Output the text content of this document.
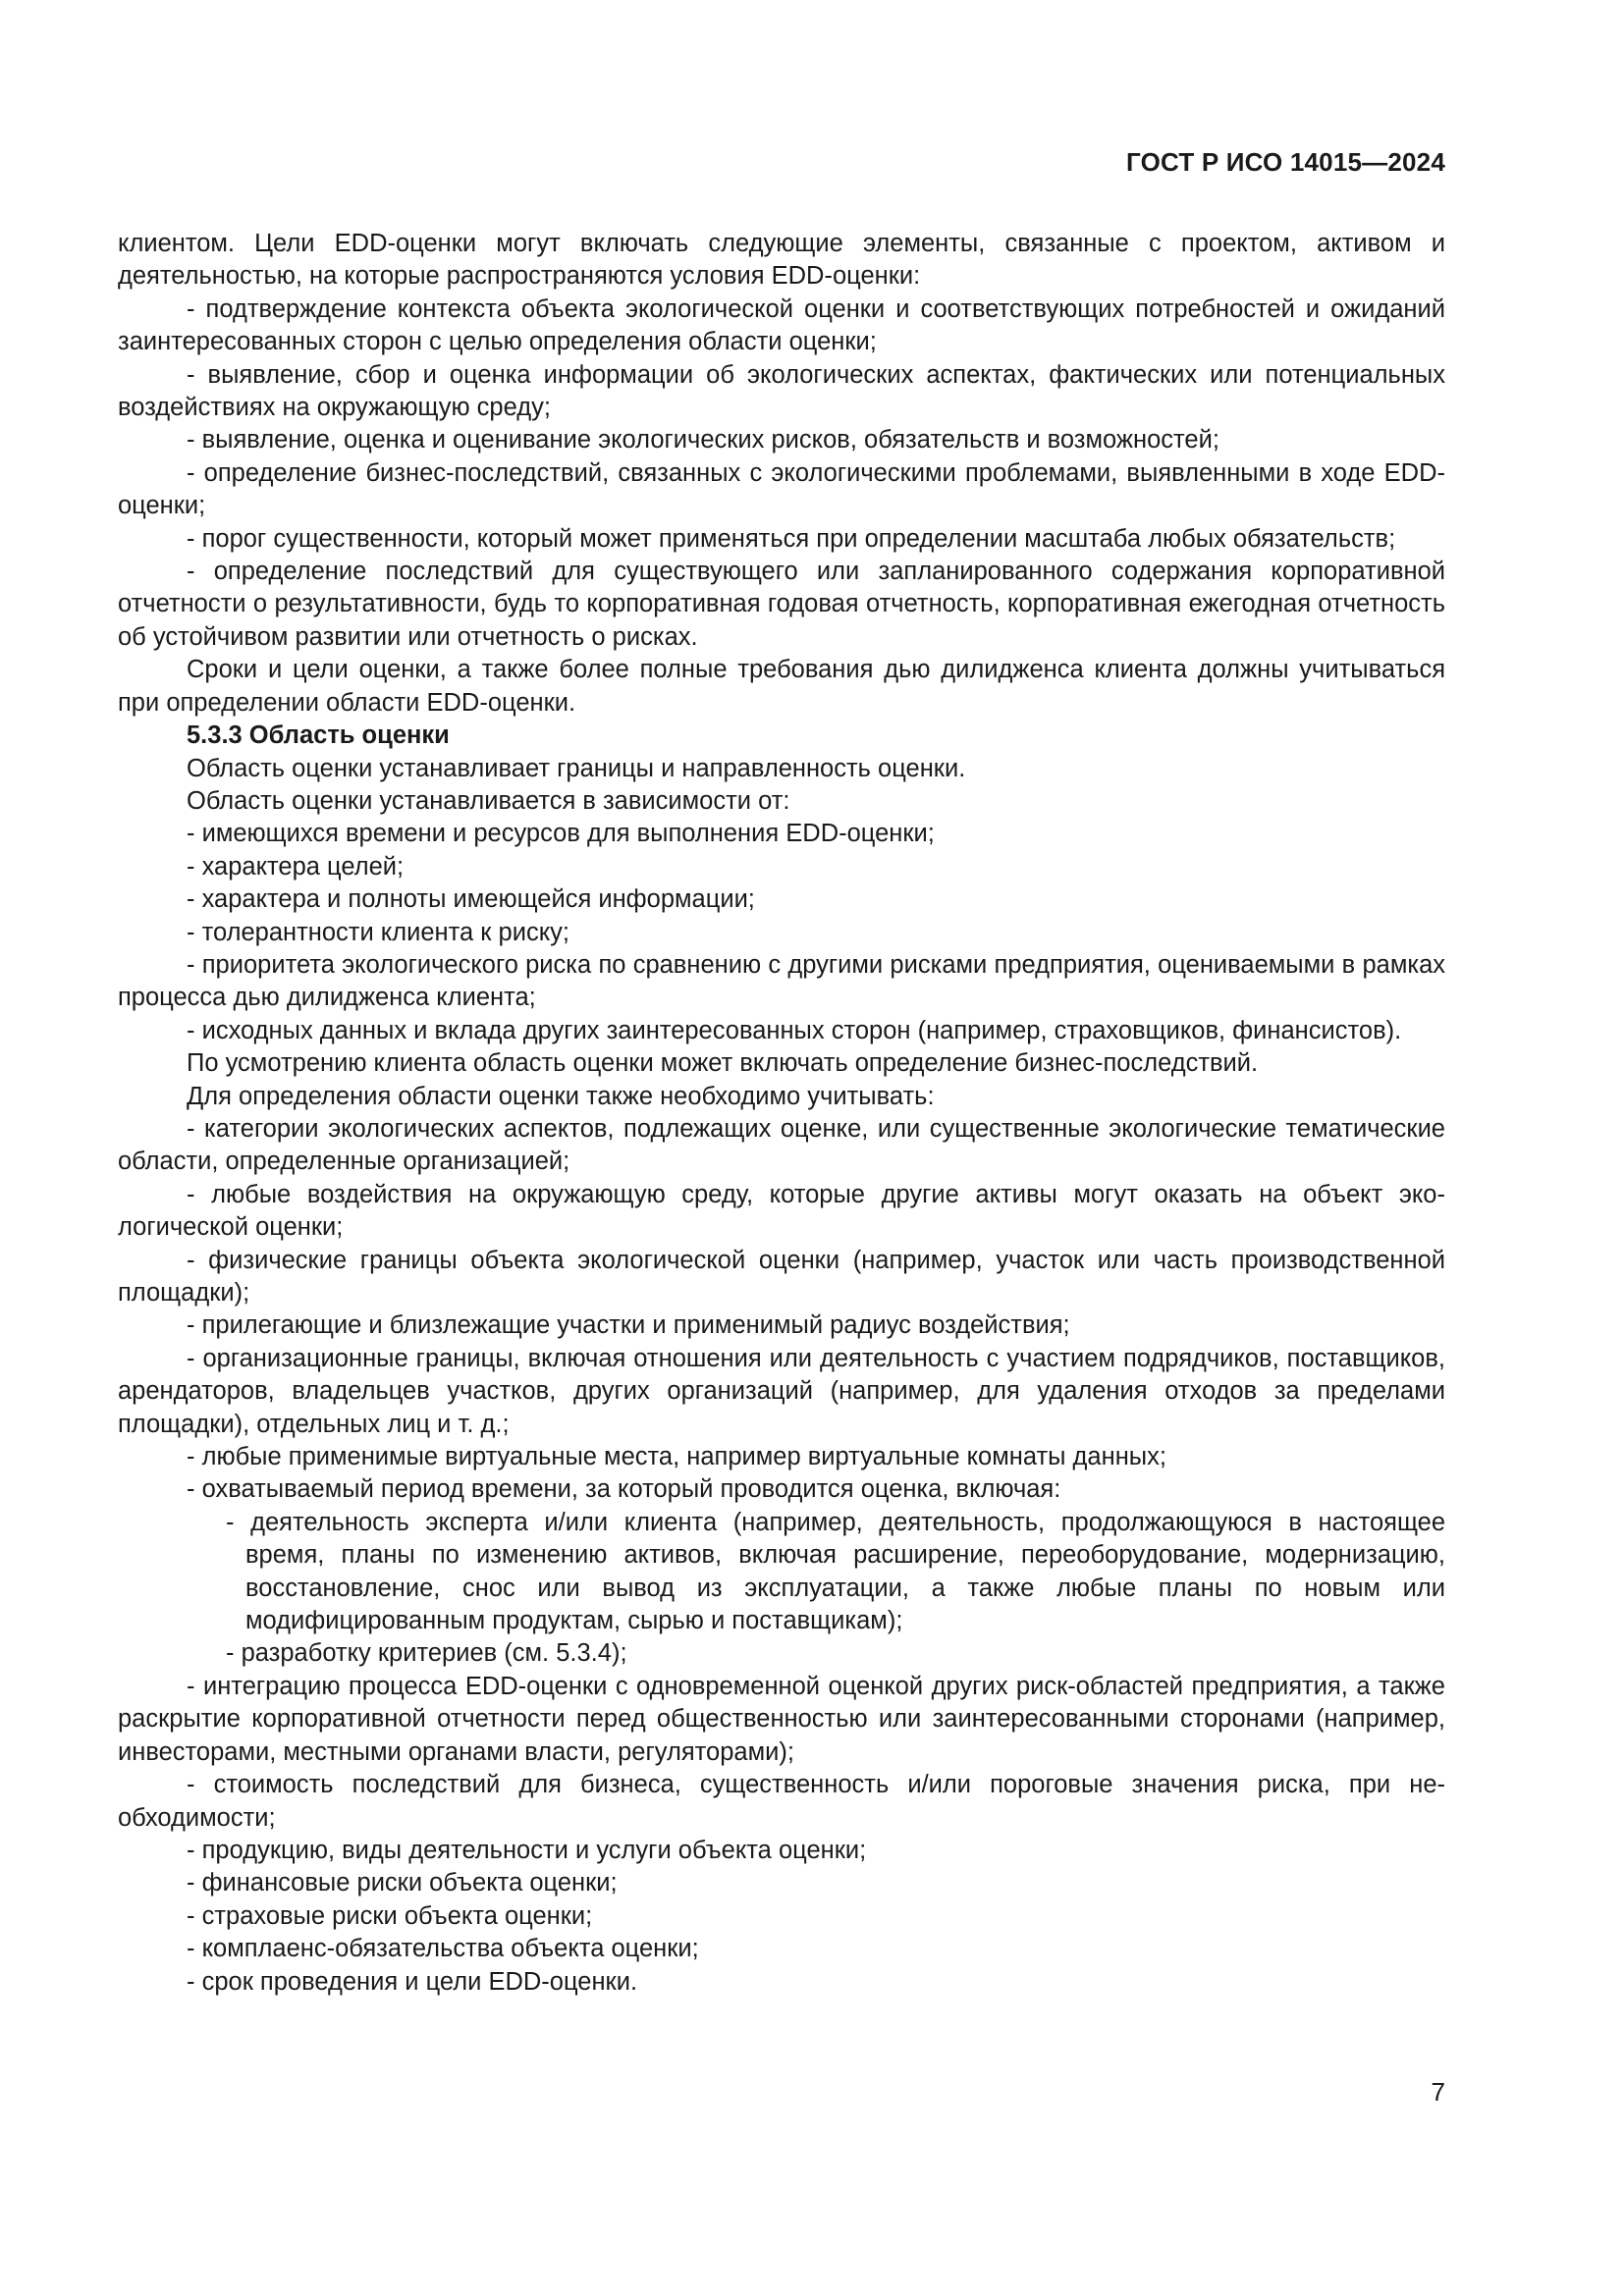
ГОСТ Р ИСО 14015—2024

клиентом. Цели EDD-оценки могут включать следующие элементы, связанные с проектом, активом и деятельностью, на которые распространяются условия EDD-оценки:

- подтверждение контекста объекта экологической оценки и соответствующих потребностей и ожиданий заинтересованных сторон с целью определения области оценки;

- выявление, сбор и оценка информации об экологических аспектах, фактических или потенциальных воздействиях на окружающую среду;

- выявление, оценка и оценивание экологических рисков, обязательств и возможностей;

- определение бизнес-последствий, связанных с экологическими проблемами, выявленными в ходе EDD-оценки;

- порог существенности, который может применяться при определении масштаба любых обязательств;

- определение последствий для существующего или запланированного содержания корпоративной отчетности о результативности, будь то корпоративная годовая отчетность, корпоративная ежегодная отчетность об устойчивом развитии или отчетность о рисках.

Сроки и цели оценки, а также более полные требования дью дилидженса клиента должны учитываться при определении области EDD-оценки.

5.3.3 Область оценки

Область оценки устанавливает границы и направленность оценки.

Область оценки устанавливается в зависимости от:

- имеющихся времени и ресурсов для выполнения EDD-оценки;

- характера целей;

- характера и полноты имеющейся информации;

- толерантности клиента к риску;

- приоритета экологического риска по сравнению с другими рисками предприятия, оцениваемыми в рамках процесса дью дилидженса клиента;

- исходных данных и вклада других заинтересованных сторон (например, страховщиков, финансистов).

По усмотрению клиента область оценки может включать определение бизнес-последствий.

Для определения области оценки также необходимо учитывать:

- категории экологических аспектов, подлежащих оценке, или существенные экологические тематические области, определенные организацией;

- любые воздействия на окружающую среду, которые другие активы могут оказать на объект экологической оценки;

- физические границы объекта экологической оценки (например, участок или часть производственной площадки);

- прилегающие и близлежащие участки и применимый радиус воздействия;

- организационные границы, включая отношения или деятельность с участием подрядчиков, поставщиков, арендаторов, владельцев участков, других организаций (например, для удаления отходов за пределами площадки), отдельных лиц и т. д.;

- любые применимые виртуальные места, например виртуальные комнаты данных;

- охватываемый период времени, за который проводится оценка, включая:

- деятельность эксперта и/или клиента (например, деятельность, продолжающуюся в настоящее время, планы по изменению активов, включая расширение, переоборудование, модернизацию, восстановление, снос или вывод из эксплуатации, а также любые планы по новым или модифицированным продуктам, сырью и поставщикам);

- разработку критериев (см. 5.3.4);

- интеграцию процесса EDD-оценки с одновременной оценкой других риск-областей предприятия, а также раскрытие корпоративной отчетности перед общественностью или заинтересованными сторонами (например, инвесторами, местными органами власти, регуляторами);

- стоимость последствий для бизнеса, существенность и/или пороговые значения риска, при необходимости;

- продукцию, виды деятельности и услуги объекта оценки;

- финансовые риски объекта оценки;

- страховые риски объекта оценки;

- комплаенс-обязательства объекта оценки;

- срок проведения и цели EDD-оценки.

7
